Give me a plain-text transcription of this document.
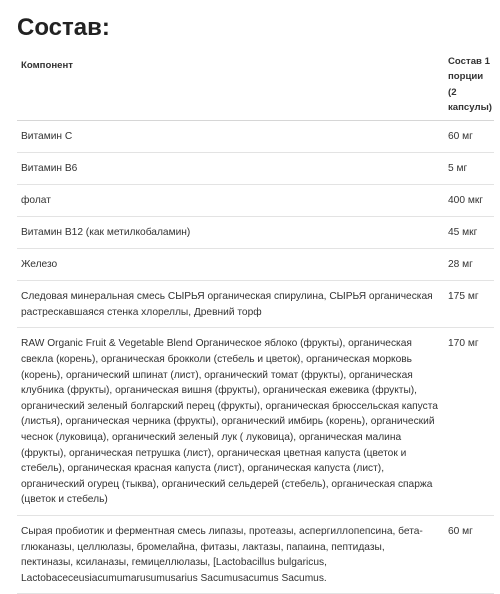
Состав:
Компонент	Состав 1 порции (2 капсулы)
Витамин C	60 мг
Витамин B6	5 мг
фолат	400 мкг
Витамин B12 (как метилкобаламин)	45 мкг
Железо	28 мг
Следовая минеральная смесь СЫРЬЯ органическая спирулина, СЫРЬЯ органическая растрескавшаяся стенка хлореллы, Древний торф	175 мг
RAW Organic Fruit & Vegetable Blend Органическое яблоко (фрукты), органическая свекла (корень), органическая брокколи (стебель и цветок), органическая морковь (корень), органический шпинат (лист), органический томат (фрукты), органическая клубника (фрукты), органическая вишня (фрукты), органическая ежевика (фрукты), органический зеленый болгарский перец (фрукты), органическая брюссельская капуста (листья), органическая черника (фрукты), органический имбирь (корень), органический чеснок (луковица), органический зеленый лук ( луковица), органическая малина (фрукты), органическая петрушка (лист), органическая цветная капуста (цветок и стебель), органическая красная капуста (лист), органическая капуста (лист), органический огурец (тыква), органический сельдерей (стебель), органическая спаржа (цветок и стебель)	170 мг
Сырая пробиотик и ферментная смесь липазы, протеазы, аспергиллопепсина, бета-глюканазы, целлюлазы, бромелайна, фитазы, лактазы, папаина, пептидазы, пектиназы, ксиланазы, гемицеллюлазы, [Lactobacillus bulgaricus, Lactobaceceusiacumumarusumusarius Sacumusacumus Sacumus.	60 мг
